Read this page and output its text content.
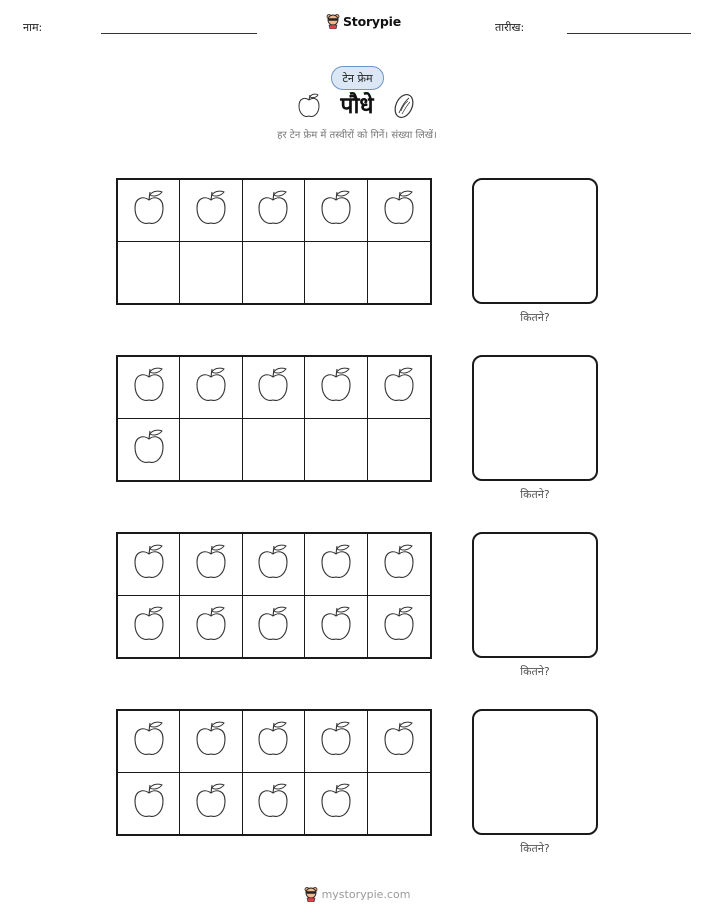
नाम:	Storypie	तारीख:
टेन फ्रेम
पौधे
हर टेन फ्रेम में तस्वीरों को गिनें। संख्या लिखें।
कितने?
कितने?
कितने?
कितने?
mystorypie.com
